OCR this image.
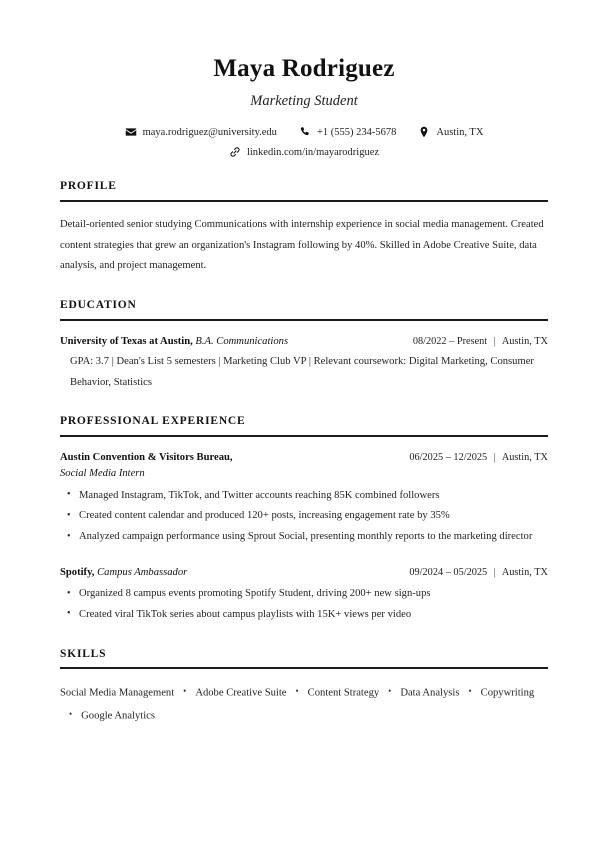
Maya Rodriguez
Marketing Student
maya.rodriguez@university.edu	+1 (555) 234-5678	Austin, TX
linkedin.com/in/mayarodriguez
PROFILE
Detail-oriented senior studying Communications with internship experience in social media management. Created content strategies that grew an organization's Instagram following by 40%. Skilled in Adobe Creative Suite, data analysis, and project management.
EDUCATION
University of Texas at Austin, B.A. Communications	08/2022 – Present | Austin, TX
GPA: 3.7 | Dean's List 5 semesters | Marketing Club VP | Relevant coursework: Digital Marketing, Consumer Behavior, Statistics
PROFESSIONAL EXPERIENCE
Austin Convention & Visitors Bureau,
Social Media Intern
06/2025 – 12/2025 | Austin, TX
• Managed Instagram, TikTok, and Twitter accounts reaching 85K combined followers
• Created content calendar and produced 120+ posts, increasing engagement rate by 35%
• Analyzed campaign performance using Sprout Social, presenting monthly reports to the marketing director
Spotify, Campus Ambassador	09/2024 – 05/2025 | Austin, TX
• Organized 8 campus events promoting Spotify Student, driving 200+ new sign-ups
• Created viral TikTok series about campus playlists with 15K+ views per video
SKILLS
Social Media Management • Adobe Creative Suite • Content Strategy • Data Analysis • Copywriting• Google Analytics
